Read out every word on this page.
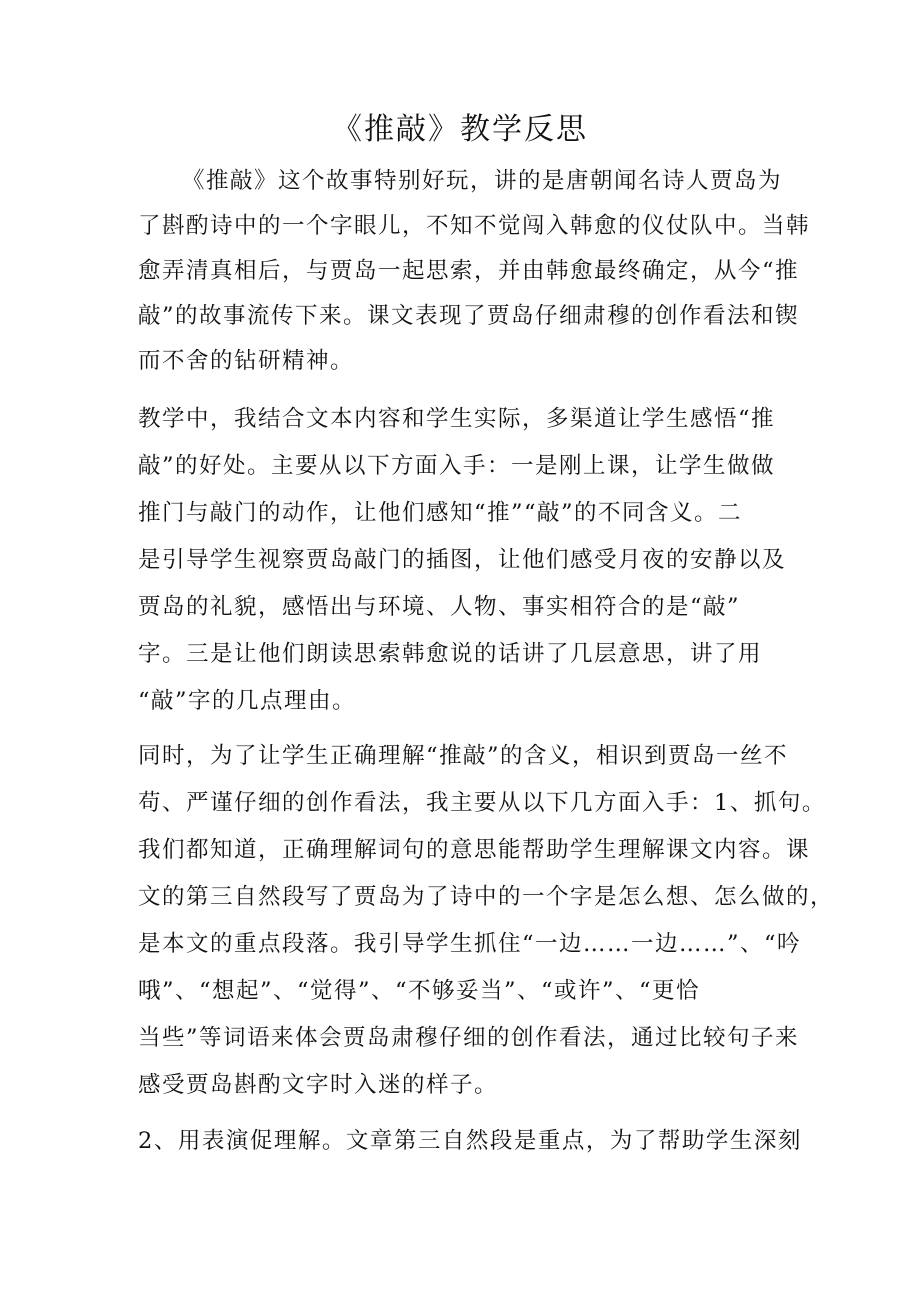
《推敲》教学反思
《推敲》这个故事特别好玩，讲的是唐朝闻名诗人贾岛为
了斟酌诗中的一个字眼儿，不知不觉闯入韩愈的仪仗队中。当韩
愈弄清真相后，与贾岛一起思索，并由韩愈最终确定，从今“推
敲”的故事流传下来。课文表现了贾岛仔细肃穆的创作看法和锲
而不舍的钻研精神。
教学中，我结合文本内容和学生实际，多渠道让学生感悟“推
敲”的好处。主要从以下方面入手：一是刚上课，让学生做做
推门与敲门的动作，让他们感知“推”“敲”的不同含义。二
是引导学生视察贾岛敲门的插图，让他们感受月夜的安静以及
贾岛的礼貌，感悟出与环境、人物、事实相符合的是“敲”
字。三是让他们朗读思索韩愈说的话讲了几层意思，讲了用
“敲”字的几点理由。
同时，为了让学生正确理解“推敲”的含义，相识到贾岛一丝不
苟、严谨仔细的创作看法，我主要从以下几方面入手：1、抓句。
我们都知道，正确理解词句的意思能帮助学生理解课文内容。课
文的第三自然段写了贾岛为了诗中的一个字是怎么想、怎么做的，
是本文的重点段落。我引导学生抓住“一边……一边……”、“吟
哦”、“想起”、“觉得”、“不够妥当”、“或许”、“更恰
当些”等词语来体会贾岛肃穆仔细的创作看法，通过比较句子来
感受贾岛斟酌文字时入迷的样子。
2、用表演促理解。文章第三自然段是重点，为了帮助学生深刻
